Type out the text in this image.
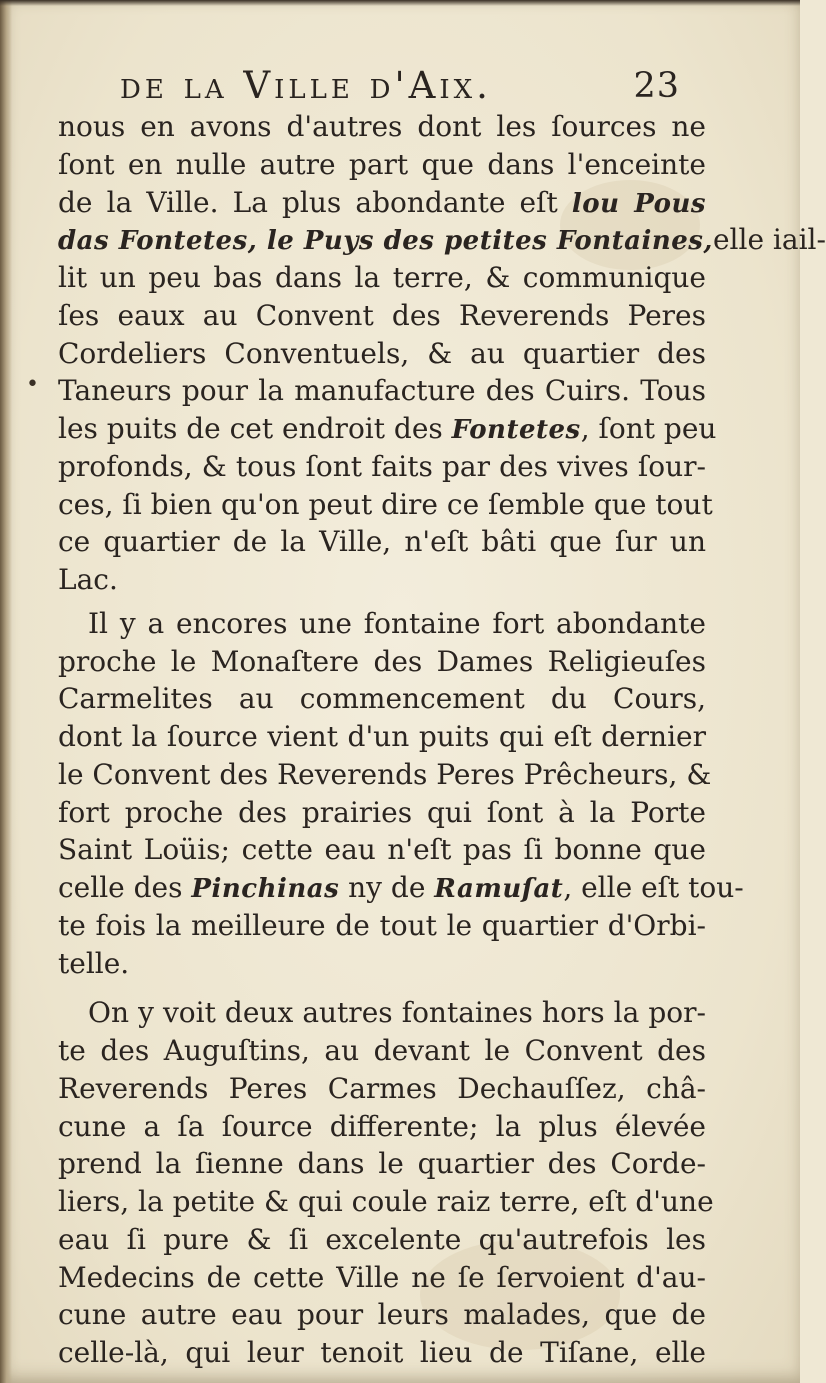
de la Ville d'Aix.	23
•
nous en avons d'autres dont les ſources ne
ſont en nulle autre part que dans l'enceinte
de la Ville. La plus abondante eſt lou Pous
das Fontetes, le Puys des petites Fontaines,elle iail-
lit un peu bas dans la terre, & communique
ſes eaux au Convent des Reverends Peres
Cordeliers Conventuels, & au quartier des
Taneurs pour la manufacture des Cuirs. Tous
les puits de cet endroit des Fontetes, ſont peu
profonds, & tous ſont faits par des vives ſour-
ces, ſi bien qu'on peut dire ce ſemble que tout
ce quartier de la Ville, n'eſt bâti que ſur un
Lac.
Il y a encores une fontaine fort abondante
proche le Monaſtere des Dames Religieuſes
Carmelites au commencement du Cours,
dont la ſource vient d'un puits qui eſt dernier
le Convent des Reverends Peres Prêcheurs, &
fort proche des prairies qui ſont à la Porte
Saint Loüis; cette eau n'eſt pas ſi bonne que
celle des Pinchinas ny de Ramuſat, elle eſt tou-
te fois la meilleure de tout le quartier d'Orbi-
telle.
On y voit deux autres fontaines hors la por-
te des Auguſtins, au devant le Convent des
Reverends Peres Carmes Dechauſſez, châ-
cune a ſa ſource differente; la plus élevée
prend la ſienne dans le quartier des Corde-
liers, la petite & qui coule raiz terre, eſt d'une
eau ſi pure & ſi excelente qu'autrefois les
Medecins de cette Ville ne ſe ſervoient d'au-
cune autre eau pour leurs malades, que de
celle-là, qui leur tenoit lieu de Tiſane, elle
